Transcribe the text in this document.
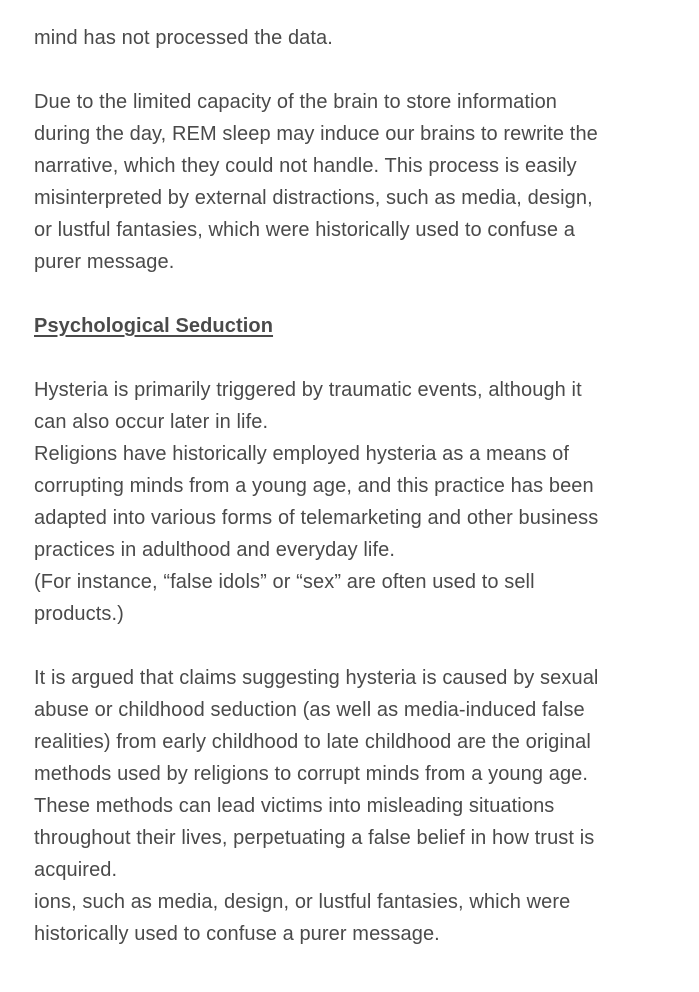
mind has not processed the data.
Due to the limited capacity of the brain to store information
during the day, REM sleep may induce our brains to rewrite the
narrative, which they could not handle. This process is easily
misinterpreted by external distractions, such as media, design,
or lustful fantasies, which were historically used to confuse a
purer message.
Psychological Seduction
Hysteria is primarily triggered by traumatic events, although it
can also occur later in life.
Religions have historically employed hysteria as a means of
corrupting minds from a young age, and this practice has been
adapted into various forms of telemarketing and other business
practices in adulthood and everyday life.
(For instance, “false idols” or “sex” are often used to sell
products.)
It is argued that claims suggesting hysteria is caused by sexual
abuse or childhood seduction (as well as media-induced false
realities) from early childhood to late childhood are the original
methods used by religions to corrupt minds from a young age.
These methods can lead victims into misleading situations
throughout their lives, perpetuating a false belief in how trust is
acquired.
ions, such as media, design, or lustful fantasies, which were
historically used to confuse a purer message.
